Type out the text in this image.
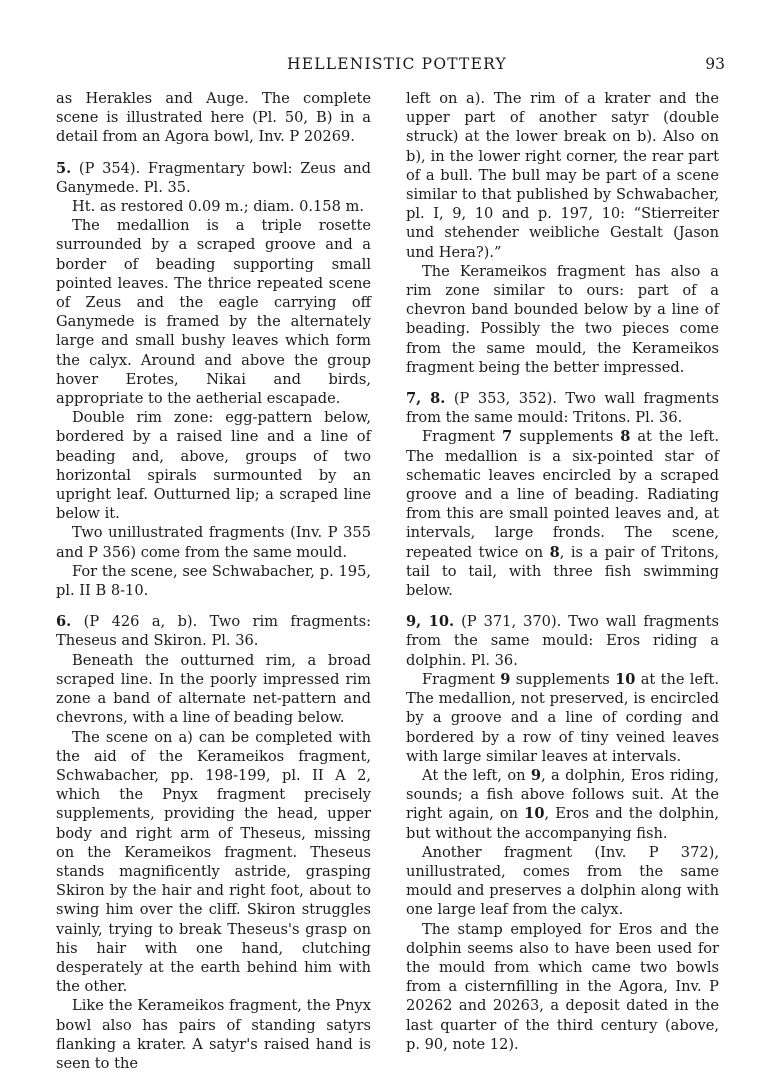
HELLENISTIC POTTERY	93

as Herakles and Auge. The complete scene is illustrated here (Pl. 50, B) in a detail from an Agora bowl, Inv. P 20269.

5. (P 354). Fragmentary bowl: Zeus and Ganymede. Pl. 35.

Ht. as restored 0.09 m.; diam. 0.158 m.

The medallion is a triple rosette surrounded by a scraped groove and a border of beading supporting small pointed leaves. The thrice repeated scene of Zeus and the eagle carrying off Ganymede is framed by the alternately large and small bushy leaves which form the calyx. Around and above the group hover Erotes, Nikai and birds, appropriate to the aetherial escapade.

Double rim zone: egg-pattern below, bordered by a raised line and a line of beading and, above, groups of two horizontal spirals surmounted by an upright leaf. Outturned lip; a scraped line below it.

Two unillustrated fragments (Inv. P 355 and P 356) come from the same mould.

For the scene, see Schwabacher, p. 195, pl. II B 8-10.

6. (P 426 a, b). Two rim fragments: Theseus and Skiron. Pl. 36.

Beneath the outturned rim, a broad scraped line. In the poorly impressed rim zone a band of alternate net-pattern and chevrons, with a line of beading below.

The scene on a) can be completed with the aid of the Kerameikos fragment, Schwabacher, pp. 198-199, pl. II A 2, which the Pnyx fragment precisely supplements, providing the head, upper body and right arm of Theseus, missing on the Kerameikos fragment. Theseus stands magnificently astride, grasping Skiron by the hair and right foot, about to swing him over the cliff. Skiron struggles vainly, trying to break Theseus's grasp on his hair with one hand, clutching desperately at the earth behind him with the other.

Like the Kerameikos fragment, the Pnyx bowl also has pairs of standing satyrs flanking a krater. A satyr's raised hand is seen to the

left on a). The rim of a krater and the upper part of another satyr (double struck) at the lower break on b). Also on b), in the lower right corner, the rear part of a bull. The bull may be part of a scene similar to that published by Schwabacher, pl. I, 9, 10 and p. 197, 10: “Stierreiter und stehender weibliche Gestalt (Jason und Hera?).”

The Kerameikos fragment has also a rim zone similar to ours: part of a chevron band bounded below by a line of beading. Possibly the two pieces come from the same mould, the Kerameikos fragment being the better impressed.

7, 8. (P 353, 352). Two wall fragments from the same mould: Tritons. Pl. 36.

Fragment 7 supplements 8 at the left. The medallion is a six-pointed star of schematic leaves encircled by a scraped groove and a line of beading. Radiating from this are small pointed leaves and, at intervals, large fronds. The scene, repeated twice on 8, is a pair of Tritons, tail to tail, with three fish swimming below.

9, 10. (P 371, 370). Two wall fragments from the same mould: Eros riding a dolphin. Pl. 36.

Fragment 9 supplements 10 at the left. The medallion, not preserved, is encircled by a groove and a line of cording and bordered by a row of tiny veined leaves with large similar leaves at intervals.

At the left, on 9, a dolphin, Eros riding, sounds; a fish above follows suit. At the right again, on 10, Eros and the dolphin, but without the accompanying fish.

Another fragment (Inv. P 372), unillustrated, comes from the same mould and preserves a dolphin along with one large leaf from the calyx.

The stamp employed for Eros and the dolphin seems also to have been used for the mould from which came two bowls from a cisternfilling in the Agora, Inv. P 20262 and 20263, a deposit dated in the last quarter of the third century (above, p. 90, note 12).
